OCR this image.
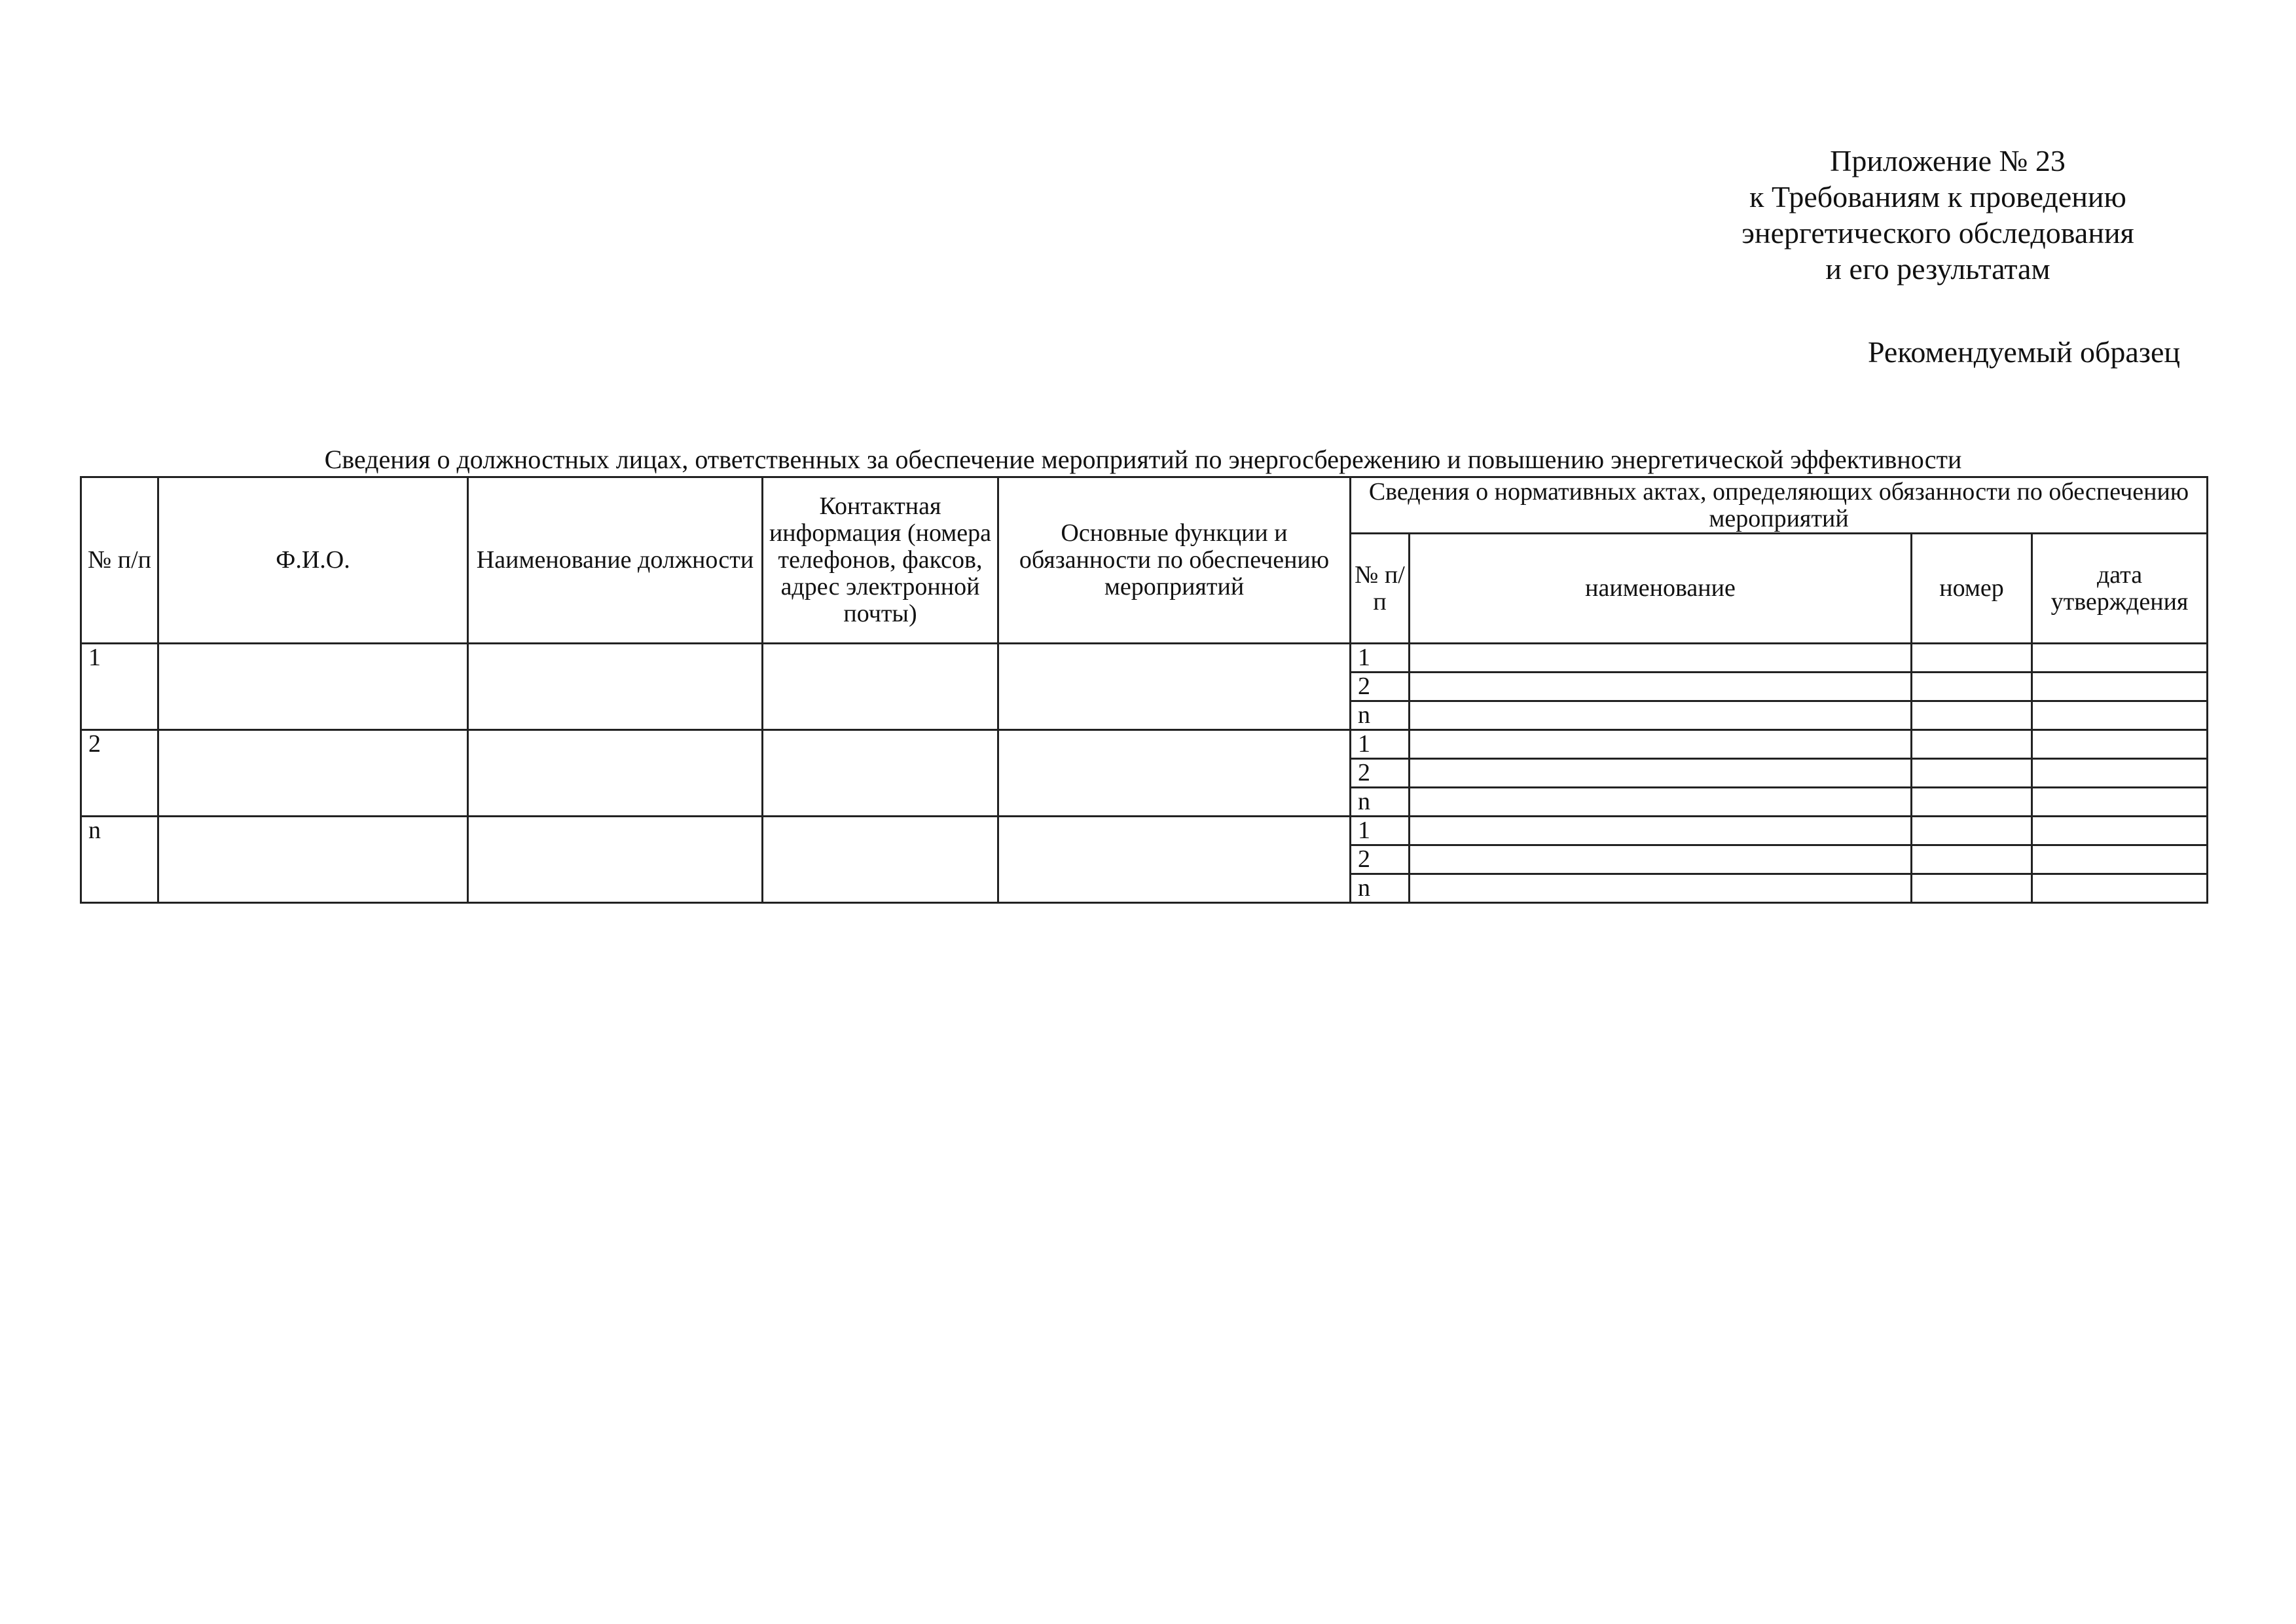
Приложение № 23
к Требованиям к проведению
энергетического обследования
и его результатам
Рекомендуемый образец
Сведения о должностных лицах, ответственных за обеспечение мероприятий по энергосбережению и повышению энергетической эффективности
№ п/п	Ф.И.О.	Наименование должности	Контактная информация (номера телефонов, факсов, адрес электронной почты)	Основные функции и обязанности по обеспечению мероприятий	Сведения о нормативных актах, определяющих обязанности по обеспечению мероприятий			
					№ п/п	наименование	номер	дата утверждения
1					1			
					2			
					n			
2					1			
					2			
					n			
n					1			
					2			
					n			
